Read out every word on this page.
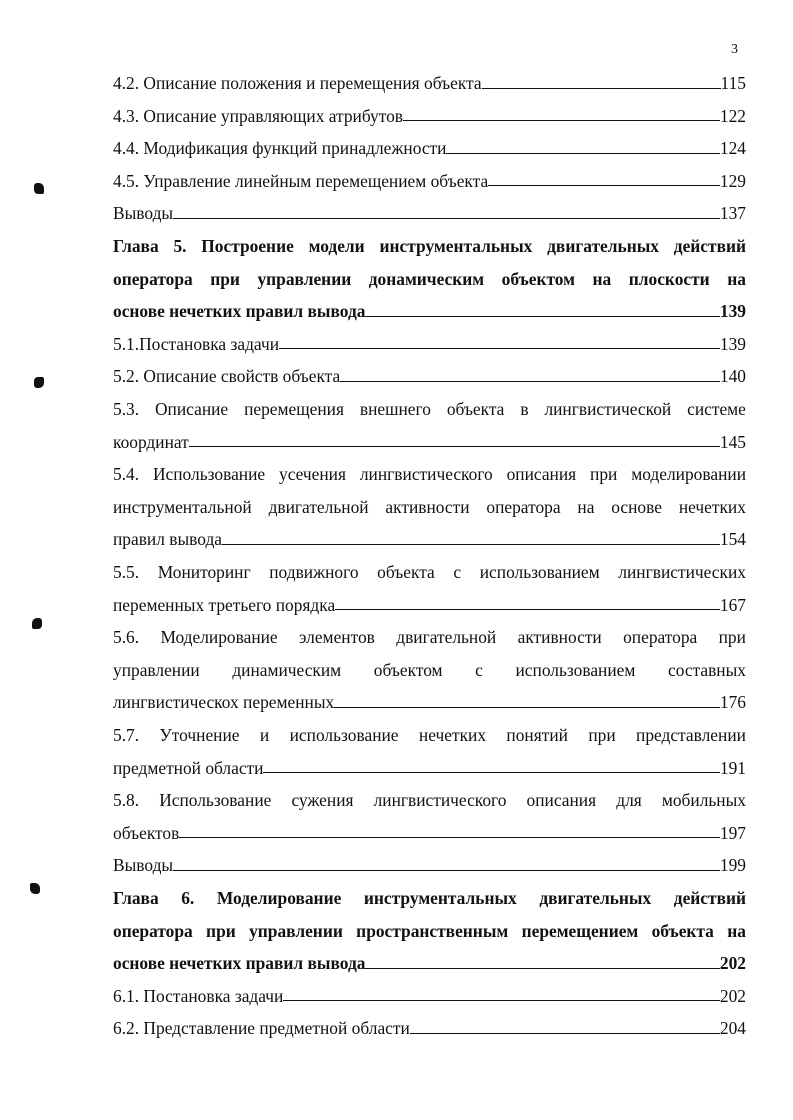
3
4.2. Описание положения и перемещения объекта	115
4.3. Описание управляющих атрибутов	122
4.4. Модификация функций принадлежности	124
4.5. Управление линейным перемещением объекта	129
Выводы	137
Глава 5. Построение модели инструментальных двигательных действий
оператора при управлении донамическим объектом на плоскости на
основе нечетких правил вывода	139
5.1.Постановка задачи	139
5.2. Описание свойств объекта	140
5.3. Описание перемещения внешнего объекта в лингвистической системе
координат	145
5.4. Использование усечения лингвистического описания при моделировании
инструментальной двигательной активности оператора на основе нечетких
правил вывода	154
5.5. Мониторинг подвижного объекта с использованием лингвистических
переменных третьего порядка	167
5.6. Моделирование элементов двигательной активности оператора при
управлении динамическим объектом с использованием составных
лингвистическох переменных	176
5.7. Уточнение и использование нечетких понятий при представлении
предметной области	191
5.8. Использование сужения лингвистического описания для мобильных
объектов	197
Выводы	199
Глава 6. Моделирование инструментальных двигательных действий
оператора при управлении пространственным перемещением объекта на
основе нечетких правил вывода	202
6.1. Постановка задачи	202
6.2. Представление предметной области	204
